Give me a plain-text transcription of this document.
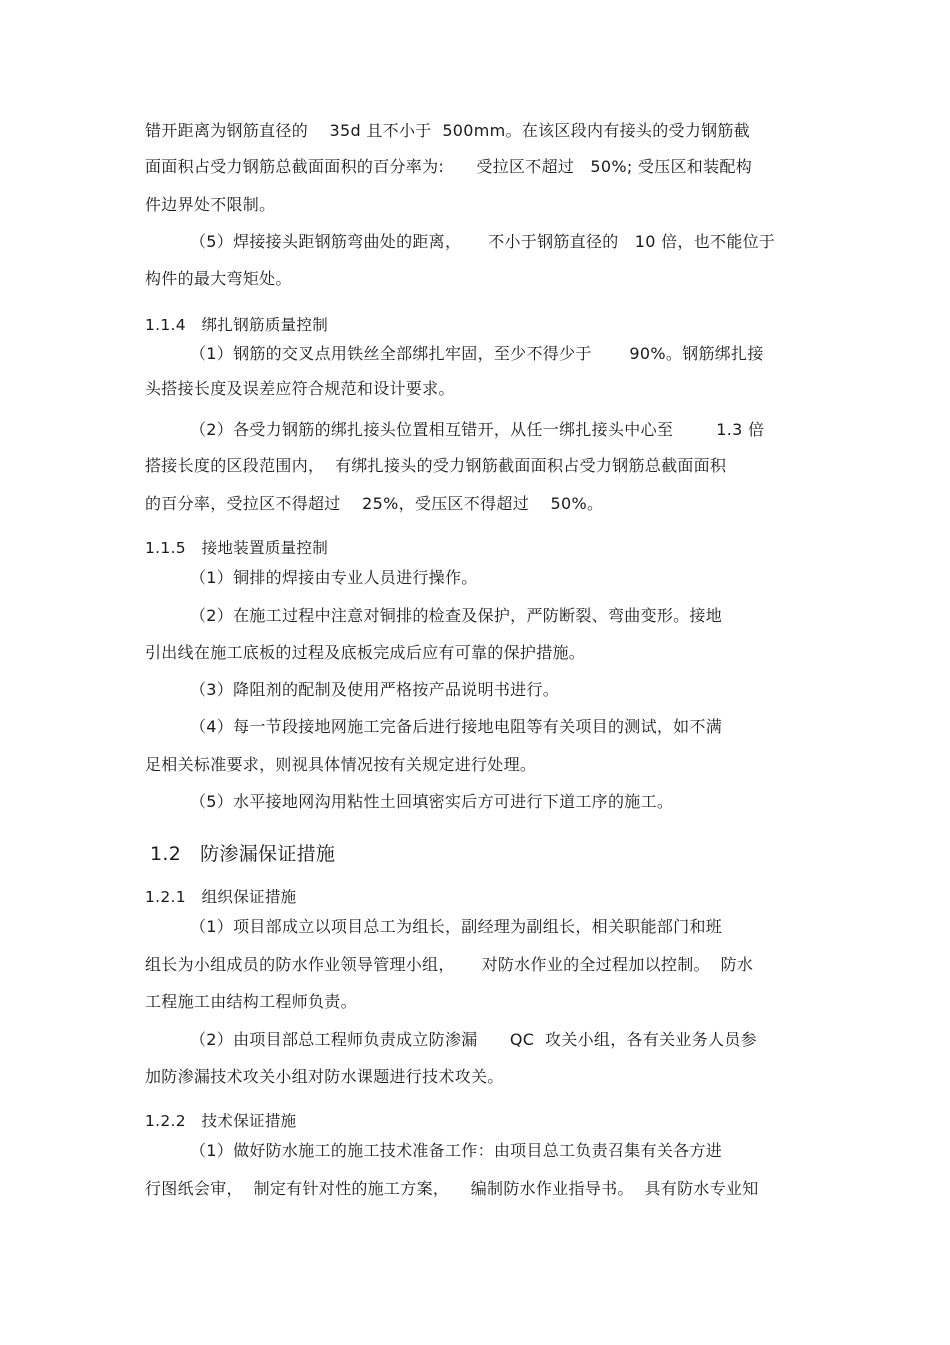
错开距离为钢筋直径的    35d 且不小于  500mm。在该区段内有接头的受力钢筋截
面面积占受力钢筋总截面面积的百分率为:      受拉区不超过   50%; 受压区和装配构
件边界处不限制。
（5）焊接接头距钢筋弯曲处的距离，     不小于钢筋直径的   10 倍，也不能位于
构件的最大弯矩处。
1.1.4   绑扎钢筋质量控制
（1）钢筋的交叉点用铁丝全部绑扎牢固，至少不得少于       90%。钢筋绑扎接
头搭接长度及误差应符合规范和设计要求。
（2）各受力钢筋的绑扎接头位置相互错开，从任一绑扎接头中心至        1.3 倍
搭接长度的区段范围内，  有绑扎接头的受力钢筋截面面积占受力钢筋总截面面积
的百分率，受拉区不得超过    25%，受压区不得超过    50%。
1.1.5   接地装置质量控制
（1）铜排的焊接由专业人员进行操作。
（2）在施工过程中注意对铜排的检查及保护，严防断裂、弯曲变形。接地
引出线在施工底板的过程及底板完成后应有可靠的保护措施。
（3）降阻剂的配制及使用严格按产品说明书进行。
（4）每一节段接地网施工完备后进行接地电阻等有关项目的测试，如不满
足相关标准要求，则视具体情况按有关规定进行处理。
（5）水平接地网沟用粘性土回填密实后方可进行下道工序的施工。
1.2   防渗漏保证措施
1.2.1   组织保证措施
（1）项目部成立以项目总工为组长，副经理为副组长，相关职能部门和班
组长为小组成员的防水作业领导管理小组，     对防水作业的全过程加以控制。  防水
工程施工由结构工程师负责。
（2）由项目部总工程师负责成立防渗漏      QC  攻关小组，各有关业务人员参
加防渗漏技术攻关小组对防水课题进行技术攻关。
1.2.2   技术保证措施
（1）做好防水施工的施工技术准备工作：由项目总工负责召集有关各方进
行图纸会审，  制定有针对性的施工方案，    编制防水作业指导书。  具有防水专业知
